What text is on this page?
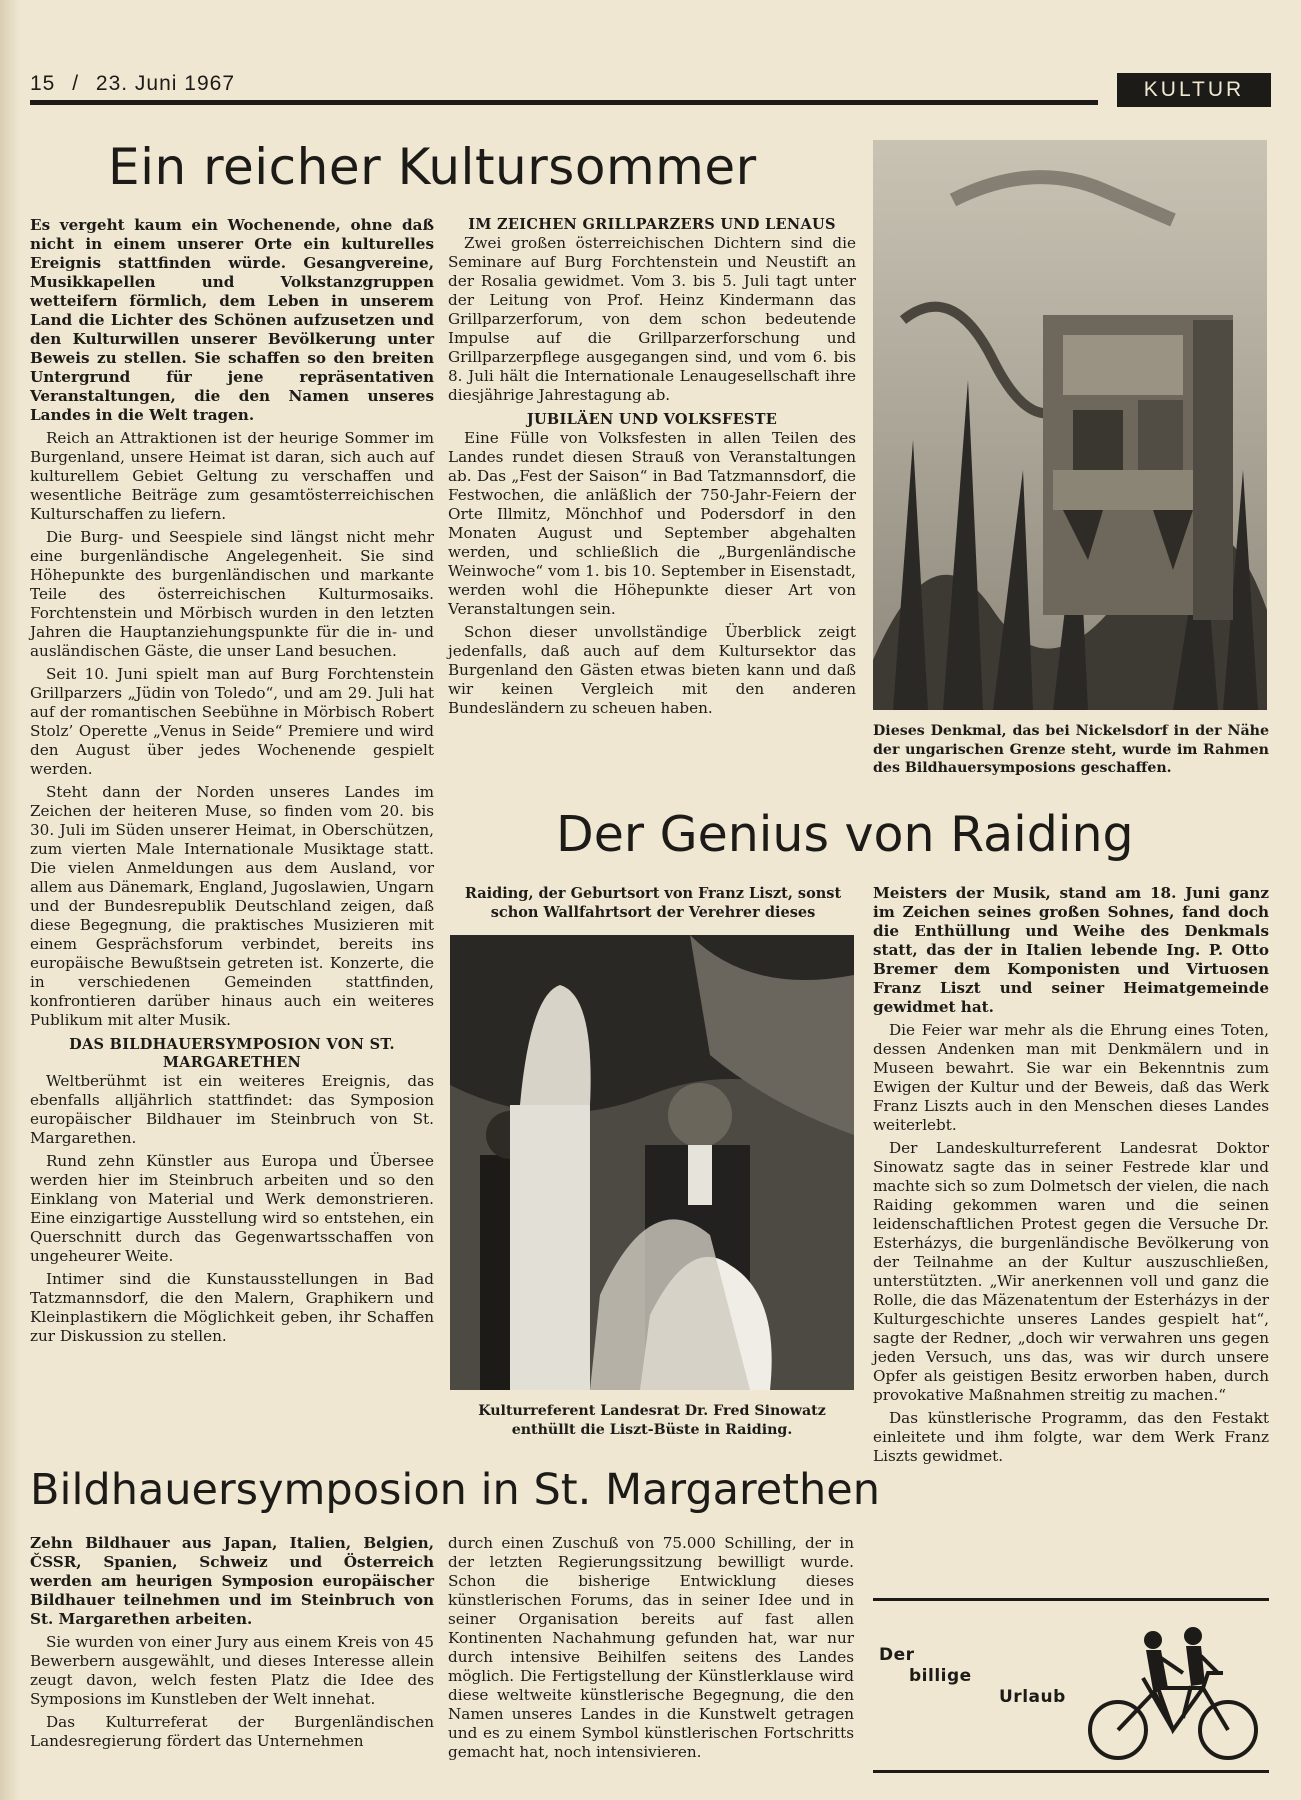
15 / 23. Juni 1967	KULTUR
Ein reicher Kultursommer

Es vergeht kaum ein Wochenende, ohne daß nicht in einem unserer Orte ein kulturelles Ereignis stattfinden würde. Gesangvereine, Musikkapellen und Volkstanzgruppen wetteifern förmlich, dem Leben in unserem Land die Lichter des Schönen aufzusetzen und den Kulturwillen unserer Bevölkerung unter Beweis zu stellen. Sie schaffen so den breiten Untergrund für jene repräsentativen Veranstaltungen, die den Namen unseres Landes in die Welt tragen.

Reich an Attraktionen ist der heurige Sommer im Burgenland, unsere Heimat ist daran, sich auch auf kulturellem Gebiet Geltung zu verschaffen und wesentliche Beiträge zum gesamtösterreichischen Kulturschaffen zu liefern.

Die Burg- und Seespiele sind längst nicht mehr eine burgenländische Angelegenheit. Sie sind Höhepunkte des burgenländischen und markante Teile des österreichischen Kulturmosaiks. Forchtenstein und Mörbisch wurden in den letzten Jahren die Hauptanziehungspunkte für die in- und ausländischen Gäste, die unser Land besuchen.

Seit 10. Juni spielt man auf Burg Forchtenstein Grillparzers „Jüdin von Toledo“, und am 29. Juli hat auf der romantischen Seebühne in Mörbisch Robert Stolz’ Operette „Venus in Seide“ Premiere und wird den August über jedes Wochenende gespielt werden.

Steht dann der Norden unseres Landes im Zeichen der heiteren Muse, so finden vom 20. bis 30. Juli im Süden unserer Heimat, in Oberschützen, zum vierten Male Internationale Musiktage statt. Die vielen Anmeldungen aus dem Ausland, vor allem aus Dänemark, England, Jugoslawien, Ungarn und der Bundesrepublik Deutschland zeigen, daß diese Begegnung, die praktisches Musizieren mit einem Gesprächsforum verbindet, bereits ins europäische Bewußtsein getreten ist. Konzerte, die in verschiedenen Gemeinden stattfinden, konfrontieren darüber hinaus auch ein weiteres Publikum mit alter Musik.

DAS BILDHAUERSYMPOSION VON ST. MARGARETHEN

Weltberühmt ist ein weiteres Ereignis, das ebenfalls alljährlich stattfindet: das Symposion europäischer Bildhauer im Steinbruch von St. Margarethen.

Rund zehn Künstler aus Europa und Übersee werden hier im Steinbruch arbeiten und so den Einklang von Material und Werk demonstrieren. Eine einzigartige Ausstellung wird so entstehen, ein Querschnitt durch das Gegenwartsschaffen von ungeheurer Weite.

Intimer sind die Kunstausstellungen in Bad Tatzmannsdorf, die den Malern, Graphikern und Kleinplastikern die Möglichkeit geben, ihr Schaffen zur Diskussion zu stellen.

IM ZEICHEN GRILLPARZERS UND LENAUS

Zwei großen österreichischen Dichtern sind die Seminare auf Burg Forchtenstein und Neustift an der Rosalia gewidmet. Vom 3. bis 5. Juli tagt unter der Leitung von Prof. Heinz Kindermann das Grillparzerforum, von dem schon bedeutende Impulse auf die Grillparzerforschung und Grillparzerpflege ausgegangen sind, und vom 6. bis 8. Juli hält die Internationale Lenaugesellschaft ihre diesjährige Jahrestagung ab.

JUBILÄEN UND VOLKSFESTE

Eine Fülle von Volksfesten in allen Teilen des Landes rundet diesen Strauß von Veranstaltungen ab. Das „Fest der Saison“ in Bad Tatzmannsdorf, die Festwochen, die anläßlich der 750-Jahr-Feiern der Orte Illmitz, Mönchhof und Podersdorf in den Monaten August und September abgehalten werden, und schließlich die „Burgenländische Weinwoche“ vom 1. bis 10. September in Eisenstadt, werden wohl die Höhepunkte dieser Art von Veranstaltungen sein.

Schon dieser unvollständige Überblick zeigt jedenfalls, daß auch auf dem Kultursektor das Burgenland den Gästen etwas bieten kann und daß wir keinen Vergleich mit den anderen Bundesländern zu scheuen haben.

Dieses Denkmal, das bei Nickelsdorf in der Nähe der ungarischen Grenze steht, wurde im Rahmen des Bildhauersymposions geschaffen.
Der Genius von Raiding

Raiding, der Geburtsort von Franz Liszt, sonst schon Wallfahrtsort der Verehrer dieses

Kulturreferent Landesrat Dr. Fred Sinowatz enthüllt die Liszt-Büste in Raiding.

Meisters der Musik, stand am 18. Juni ganz im Zeichen seines großen Sohnes, fand doch die Enthüllung und Weihe des Denkmals statt, das der in Italien lebende Ing. P. Otto Bremer dem Komponisten und Virtuosen Franz Liszt und seiner Heimatgemeinde gewidmet hat.

Die Feier war mehr als die Ehrung eines Toten, dessen Andenken man mit Denkmälern und in Museen bewahrt. Sie war ein Bekenntnis zum Ewigen der Kultur und der Beweis, daß das Werk Franz Liszts auch in den Menschen dieses Landes weiterlebt.

Der Landeskulturreferent Landesrat Doktor Sinowatz sagte das in seiner Festrede klar und machte sich so zum Dolmetsch der vielen, die nach Raiding gekommen waren und die seinen leidenschaftlichen Protest gegen die Versuche Dr. Esterházys, die burgenländische Bevölkerung von der Teilnahme an der Kultur auszuschließen, unterstützten. „Wir anerkennen voll und ganz die Rolle, die das Mäzenatentum der Esterházys in der Kulturgeschichte unseres Landes gespielt hat“, sagte der Redner, „doch wir verwahren uns gegen jeden Versuch, uns das, was wir durch unsere Opfer als geistigen Besitz erworben haben, durch provokative Maßnahmen streitig zu machen.“

Das künstlerische Programm, das den Festakt einleitete und ihm folgte, war dem Werk Franz Liszts gewidmet.

Bildhauersymposion in St. Margarethen

Zehn Bildhauer aus Japan, Italien, Belgien, ČSSR, Spanien, Schweiz und Österreich werden am heurigen Symposion europäischer Bildhauer teilnehmen und im Steinbruch von St. Margarethen arbeiten.

Sie wurden von einer Jury aus einem Kreis von 45 Bewerbern ausgewählt, und dieses Interesse allein zeugt davon, welch festen Platz die Idee des Symposions im Kunstleben der Welt innehat.

Das Kulturreferat der Burgenländischen Landesregierung fördert das Unternehmen

durch einen Zuschuß von 75.000 Schilling, der in der letzten Regierungssitzung bewilligt wurde. Schon die bisherige Entwicklung dieses künstlerischen Forums, das in seiner Idee und in seiner Organisation bereits auf fast allen Kontinenten Nachahmung gefunden hat, war nur durch intensive Beihilfen seitens des Landes möglich. Die Fertigstellung der Künstlerklause wird diese weltweite künstlerische Begegnung, die den Namen unseres Landes in die Kunstwelt getragen und es zu einem Symbol künstlerischen Fortschritts gemacht hat, noch intensivieren.

Der
billige
Urlaub
